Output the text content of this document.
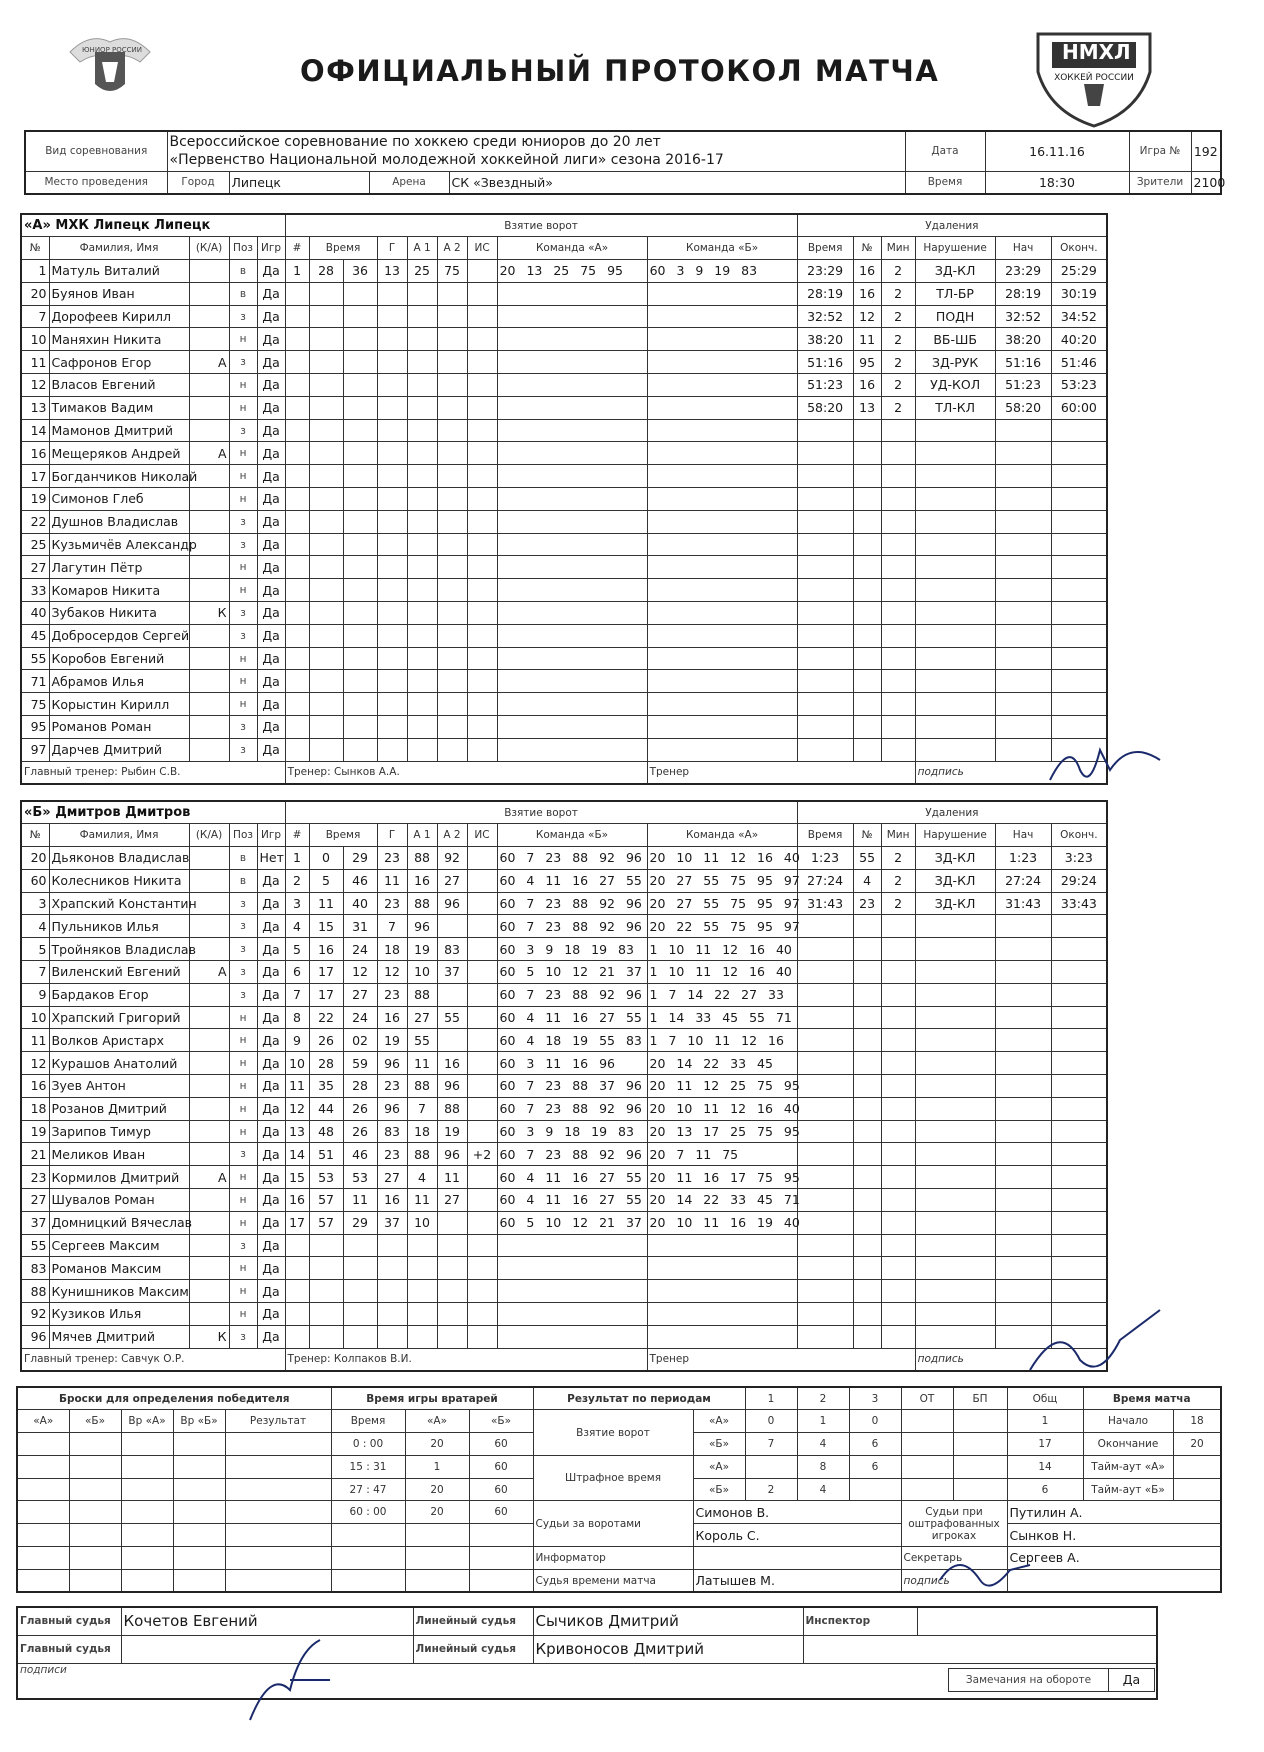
ЮНИОР РОССИИ	НМХЛ
ХОККЕЙ РОССИИ
ОФИЦИАЛЬНЫЙ ПРОТОКОЛ МАТЧА
Вид соревнования	Всероссийское соревнование по хоккею среди юниоров до 20 лет
«Первенство Национальной молодежной хоккейной лиги» сезона 2016-17				Дата	16.11.16	Игра №	192
Место проведения	Город	Липецк	Арена	СК «Звездный»	Время	18:30	Зрители	2100
«А» МХК Липецк Липецк					Взятие ворот									Удаления					
№	Фамилия, Имя	(К/А)	Поз	Игр	#	Время		Г	А 1	А 2	ИС	Команда «А»	Команда «Б»	Время	№	Мин	Нарушение	Нач	Оконч.
1	Матуль Виталий		в	Да	1	28	36	13	25	75		20 13 25 75 95	60 3 9 19 83	23:29	16	2	ЗД-КЛ	23:29	25:29
20	Буянов Иван		в	Да										28:19	16	2	ТЛ-БР	28:19	30:19
7	Дорофеев Кирилл		з	Да										32:52	12	2	ПОДН	32:52	34:52
10	Маняхин Никита		н	Да										38:20	11	2	ВБ-ШБ	38:20	40:20
11	Сафронов Егор	А	з	Да										51:16	95	2	ЗД-РУК	51:16	51:46
12	Власов Евгений		н	Да										51:23	16	2	УД-КОЛ	51:23	53:23
13	Тимаков Вадим		н	Да										58:20	13	2	ТЛ-КЛ	58:20	60:00
14	Мамонов Дмитрий		з	Да															
16	Мещеряков Андрей	А	н	Да															
17	Богданчиков Николай		н	Да															
19	Симонов Глеб		н	Да															
22	Душнов Владислав		з	Да															
25	Кузьмичёв Александр		з	Да															
27	Лагутин Пётр		н	Да															
33	Комаров Никита		н	Да															
40	Зубаков Никита	К	з	Да															
45	Добросердов Сергей		з	Да															
55	Коробов Евгений		н	Да															
71	Абрамов Илья		н	Да															
75	Корыстин Кирилл		н	Да															
95	Романов Роман		з	Да															
97	Дарчев Дмитрий		з	Да															
Главный тренер: Рыбин С.В.					Тренер: Сынков А.А.								Тренер				подпись		
«Б» Дмитров Дмитров					Взятие ворот									Удаления					
№	Фамилия, Имя	(К/А)	Поз	Игр	#	Время		Г	А 1	А 2	ИС	Команда «Б»	Команда «А»	Время	№	Мин	Нарушение	Нач	Оконч.
20	Дьяконов Владислав		в	Нет	1	0	29	23	88	92		60 7 23 88 92 96	20 10 11 12 16 40	1:23	55	2	ЗД-КЛ	1:23	3:23
60	Колесников Никита		в	Да	2	5	46	11	16	27		60 4 11 16 27 55	20 27 55 75 95 97	27:24	4	2	ЗД-КЛ	27:24	29:24
3	Храпский Константин		з	Да	3	11	40	23	88	96		60 7 23 88 92 96	20 27 55 75 95 97	31:43	23	2	ЗД-КЛ	31:43	33:43
4	Пульников Илья		з	Да	4	15	31	7	96			60 7 23 88 92 96	20 22 55 75 95 97						
5	Тройняков Владислав		з	Да	5	16	24	18	19	83		60 3 9 18 19 83	1 10 11 12 16 40						
7	Виленский Евгений	А	з	Да	6	17	12	12	10	37		60 5 10 12 21 37	1 10 11 12 16 40						
9	Бардаков Егор		з	Да	7	17	27	23	88			60 7 23 88 92 96	1 7 14 22 27 33						
10	Храпский Григорий		н	Да	8	22	24	16	27	55		60 4 11 16 27 55	1 14 33 45 55 71						
11	Волков Аристарх		н	Да	9	26	02	19	55			60 4 18 19 55 83	1 7 10 11 12 16						
12	Курашов Анатолий		н	Да	10	28	59	96	11	16		60 3 11 16 96	20 14 22 33 45						
16	Зуев Антон		н	Да	11	35	28	23	88	96		60 7 23 88 37 96	20 11 12 25 75 95						
18	Розанов Дмитрий		н	Да	12	44	26	96	7	88		60 7 23 88 92 96	20 10 11 12 16 40						
19	Зарипов Тимур		н	Да	13	48	26	83	18	19		60 3 9 18 19 83	20 13 17 25 75 95						
21	Меликов Иван		з	Да	14	51	46	23	88	96	+2	60 7 23 88 92 96	20 7 11 75						
23	Кормилов Дмитрий	А	н	Да	15	53	53	27	4	11		60 4 11 16 27 55	20 11 16 17 75 95						
27	Шувалов Роман		н	Да	16	57	11	16	11	27		60 4 11 16 27 55	20 14 22 33 45 71						
37	Домницкий Вячеслав		н	Да	17	57	29	37	10			60 5 10 12 21 37	20 10 11 16 19 40						
55	Сергеев Максим		з	Да															
83	Романов Максим		н	Да															
88	Кунишников Максим		н	Да															
92	Кузиков Илья		н	Да															
96	Мячев Дмитрий	К	з	Да															
Главный тренер: Савчук О.Р.					Тренер: Колпаков В.И.								Тренер				подпись		
Броски для определения победителя					Время игры вратарей			Результат по периодам		1	2	3	ОТ	БП	Общ	Время матча		
«А»	«Б»	Вр «А»	Вр «Б»	Результат	Время	«А»	«Б»	Взятие ворот	«А»	0	1	0			1	Начало	18	
					0 : 00	20	60		«Б»	7	4	6			17	Окончание	20	
					15 : 31	1	60	Штрафное время	«А»		8	6			14	Тайм-аут «А»		
					27 : 47	20	60		«Б»	2	4				6	Тайм-аут «Б»		
					60 : 00	20	60	Судьи за воротами	Симонов В.				Судьи при оштрафованных игроках		Путилин А.			
									Король С.						Сынков Н.			
								Информатор					Секретарь		Сергеев А.			
								Судья времени матча	Латышев М.				подпись					
Главный судья	Кочетов Евгений	Линейный судья	Сычиков Дмитрий	Инспектор	
Главный судья		Линейный судья	Кривоносов Дмитрий		
подписи					
Замечания на обороте	Да
